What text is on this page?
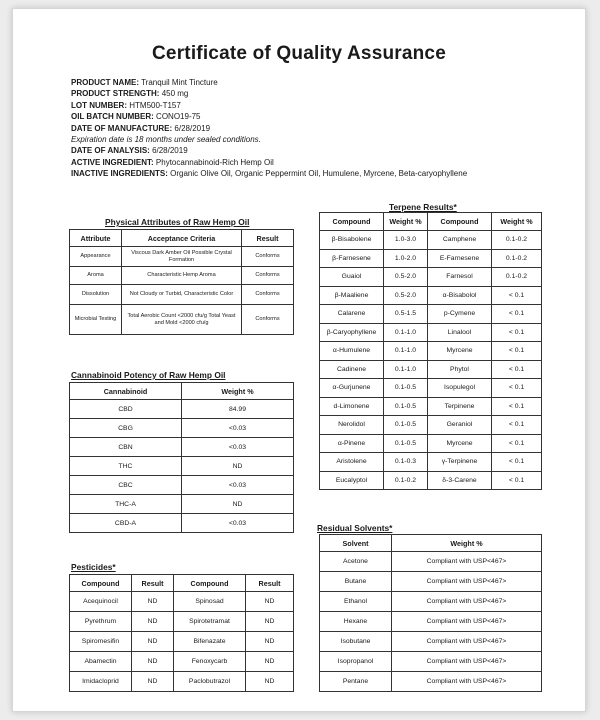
Certificate of Quality Assurance
PRODUCT NAME: Tranquil Mint Tincture
PRODUCT STRENGTH: 450 mg
LOT NUMBER: HTM500-T157
OIL BATCH NUMBER: CONO19-75
DATE OF MANUFACTURE: 6/28/2019
Expiration date is 18 months under sealed conditions.
DATE OF ANALYSIS: 6/28/2019
ACTIVE INGREDIENT: Phytocannabinoid-Rich Hemp Oil
INACTIVE INGREDIENTS: Organic Olive Oil, Organic Peppermint Oil, Humulene, Myrcene, Beta-caryophyllene
Physical Attributes of Raw Hemp Oil
Attribute	Acceptance Criteria	Result
Appearance	Viscous Dark Amber Oil Possible Crystal Formation	Conforms
Aroma	Characteristic Hemp Aroma	Conforms
Dissolution	Not Cloudy or Turbid, Characteristic Color	Conforms
Microbial Testing	Total Aerobic Count <2000 cfu/g Total Yeast and Mold <2000 cfu/g	Conforms
Cannabinoid Potency of Raw Hemp Oil
Cannabinoid	Weight %
CBD	84.99
CBG	<0.03
CBN	<0.03
THC	ND
CBC	<0.03
THC-A	ND
CBD-A	<0.03
Pesticides*
Compound	Result	Compound	Result
Acequinocil	ND	Spinosad	ND
Pyrethrum	ND	Spirotetramat	ND
Spiromesifin	ND	Bifenazate	ND
Abamectin	ND	Fenoxycarb	ND
Imidacloprid	ND	Paclobutrazol	ND
Terpene Results*
Compound	Weight %	Compound	Weight %
β-Bisabolene	1.0-3.0	Camphene	0.1-0.2
β-Farnesene	1.0-2.0	E-Farnesene	0.1-0.2
Guaiol	0.5-2.0	Farnesol	0.1-0.2
β-Maaliene	0.5-2.0	α-Bisabolol	< 0.1
Calarene	0.5-1.5	p-Cymene	< 0.1
β-Caryophyllene	0.1-1.0	Linalool	< 0.1
α-Humulene	0.1-1.0	Myrcene	< 0.1
Cadinene	0.1-1.0	Phytol	< 0.1
α-Gurjunene	0.1-0.5	Isopulegol	< 0.1
d-Limonene	0.1-0.5	Terpinene	< 0.1
Nerolidol	0.1-0.5	Geraniol	< 0.1
α-Pinene	0.1-0.5	Myrcene	< 0.1
Aristolene	0.1-0.3	γ-Terpinene	< 0.1
Eucalyptol	0.1-0.2	δ-3-Carene	< 0.1
Residual Solvents*
Solvent	Weight %
Acetone	Compliant with USP<467>
Butane	Compliant with USP<467>
Ethanol	Compliant with USP<467>
Hexane	Compliant with USP<467>
Isobutane	Compliant with USP<467>
Isopropanol	Compliant with USP<467>
Pentane	Compliant with USP<467>
